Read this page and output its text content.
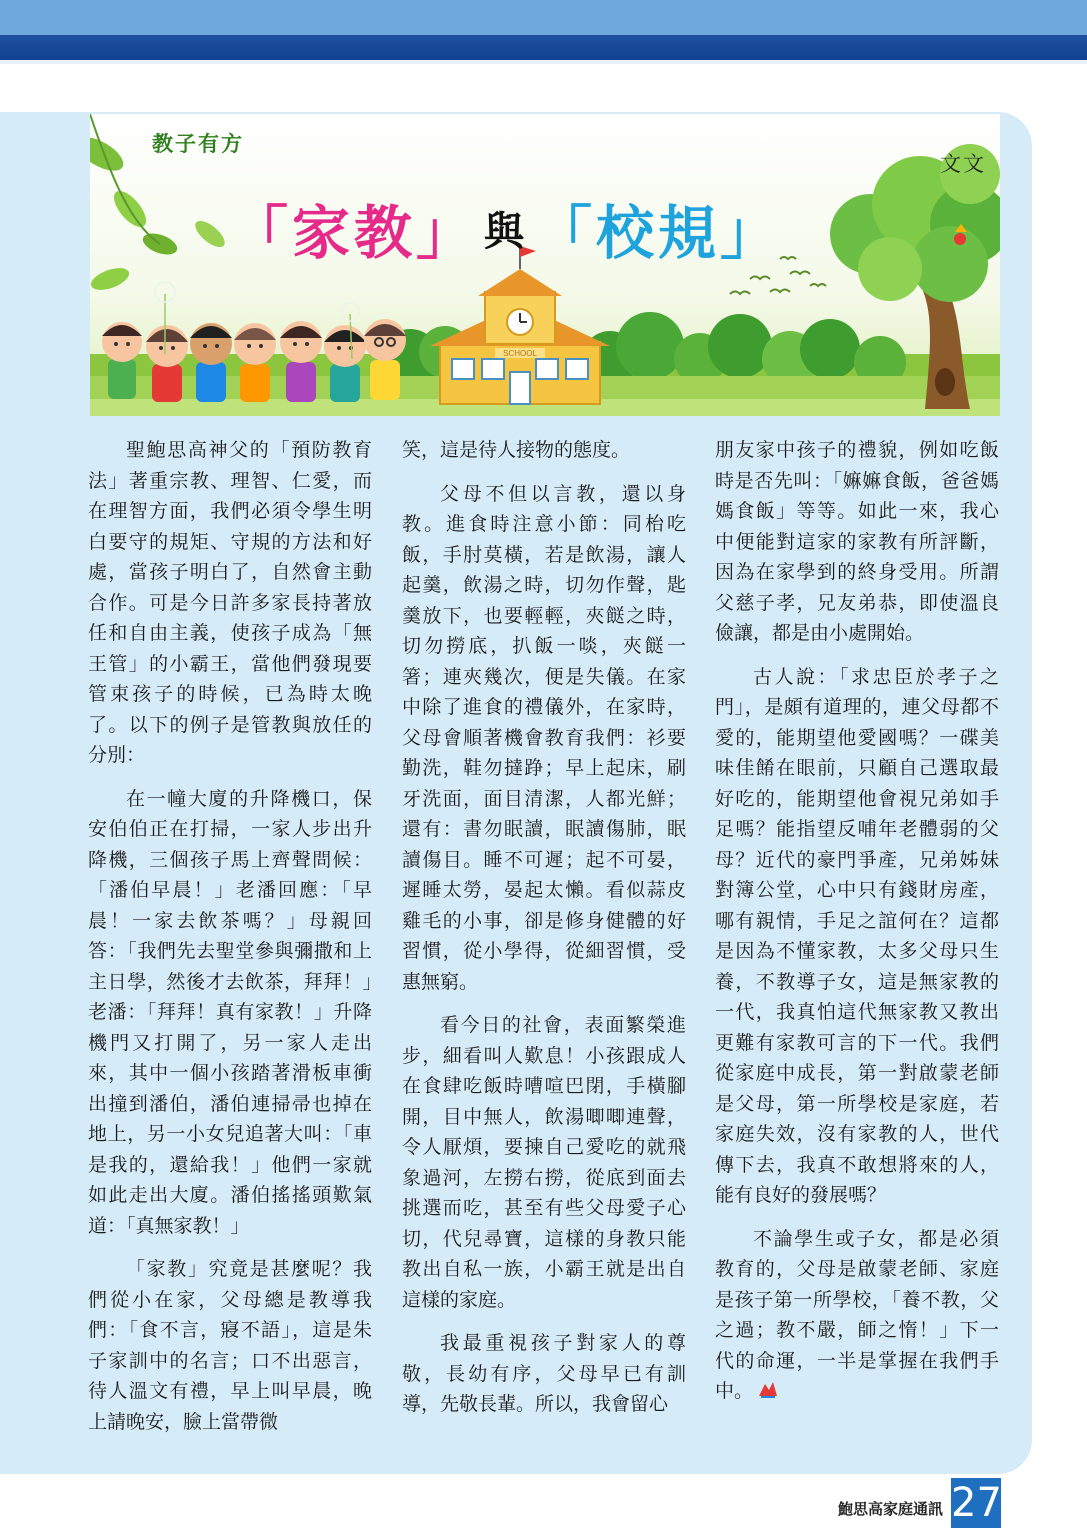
SCHOOL
教子有方
文文
「家教」 與 「校規」

聖鮑思高神父的「預防教育法」著重宗教、理智、仁愛，而在理智方面，我們必須令學生明白要守的規矩、守規的方法和好處，當孩子明白了，自然會主動合作。可是今日許多家長持著放任和自由主義，使孩子成為「無王管」的小霸王，當他們發現要管束孩子的時候，已為時太晚了。以下的例子是管教與放任的分別：

在一幢大廈的升降機口，保安伯伯正在打掃，一家人步出升降機，三個孩子馬上齊聲問候：「潘伯早晨！」老潘回應：「早晨！一家去飲茶嗎？」母親回答：「我們先去聖堂參與彌撒和上主日學，然後才去飲茶，拜拜！」老潘：「拜拜！真有家教！」升降機門又打開了，另一家人走出來，其中一個小孩踏著滑板車衝出撞到潘伯，潘伯連掃帚也掉在地上，另一小女兒追著大叫：「車是我的，還給我！」他們一家就如此走出大廈。潘伯搖搖頭歎氣道：「真無家教！」

「家教」究竟是甚麼呢？我們從小在家，父母總是教導我們：「食不言，寢不語」，這是朱子家訓中的名言；口不出惡言，待人溫文有禮，早上叫早晨，晚上請晚安，臉上當帶微

笑，這是待人接物的態度。

父母不但以言教，還以身教。進食時注意小節：同枱吃飯，手肘莫橫，若是飲湯，讓人起羹，飲湯之時，切勿作聲，匙羹放下，也要輕輕，夾餸之時，切勿撈底，扒飯一啖，夾餸一箸；連夾幾次，便是失儀。在家中除了進食的禮儀外，在家時，父母會順著機會教育我們：衫要勤洗，鞋勿撻踭；早上起床，刷牙洗面，面目清潔，人都光鮮；還有：書勿眠讀，眠讀傷肺，眠讀傷目。睡不可遲；起不可晏，遲睡太勞，晏起太懶。看似蒜皮雞毛的小事，卻是修身健體的好習慣，從小學得，從細習慣，受惠無窮。

看今日的社會，表面繁榮進步，細看叫人歎息！小孩跟成人在食肆吃飯時嘈喧巴閉，手橫腳開，目中無人，飲湯唧唧連聲，令人厭煩，要揀自己愛吃的就飛象過河，左撈右撈，從底到面去挑選而吃，甚至有些父母愛子心切，代兒尋寶，這樣的身教只能教出自私一族，小霸王就是出自這樣的家庭。

我最重視孩子對家人的尊敬，長幼有序，父母早已有訓導，先敬長輩。所以，我會留心

朋友家中孩子的禮貌，例如吃飯時是否先叫：「嫲嫲食飯，爸爸媽媽食飯」等等。如此一來，我心中便能對這家的家教有所評斷，因為在家學到的終身受用。所謂父慈子孝，兄友弟恭，即使溫良儉讓，都是由小處開始。

古人說：「求忠臣於孝子之門」，是頗有道理的，連父母都不愛的，能期望他愛國嗎？一碟美味佳餚在眼前，只顧自己選取最好吃的，能期望他會視兄弟如手足嗎？能指望反哺年老體弱的父母？近代的豪門爭產，兄弟姊妹對簿公堂，心中只有錢財房產，哪有親情，手足之誼何在？這都是因為不懂家教，太多父母只生養，不教導子女，這是無家教的一代，我真怕這代無家教又教出更難有家教可言的下一代。我們從家庭中成長，第一對啟蒙老師是父母，第一所學校是家庭，若家庭失效，沒有家教的人，世代傳下去，我真不敢想將來的人，能有良好的發展嗎？

不論學生或子女，都是必須教育的，父母是啟蒙老師、家庭是孩子第一所學校，「養不教，父之過；教不嚴，師之惰！」下一代的命運，一半是掌握在我們手中。

鮑思高家庭通訊 27
